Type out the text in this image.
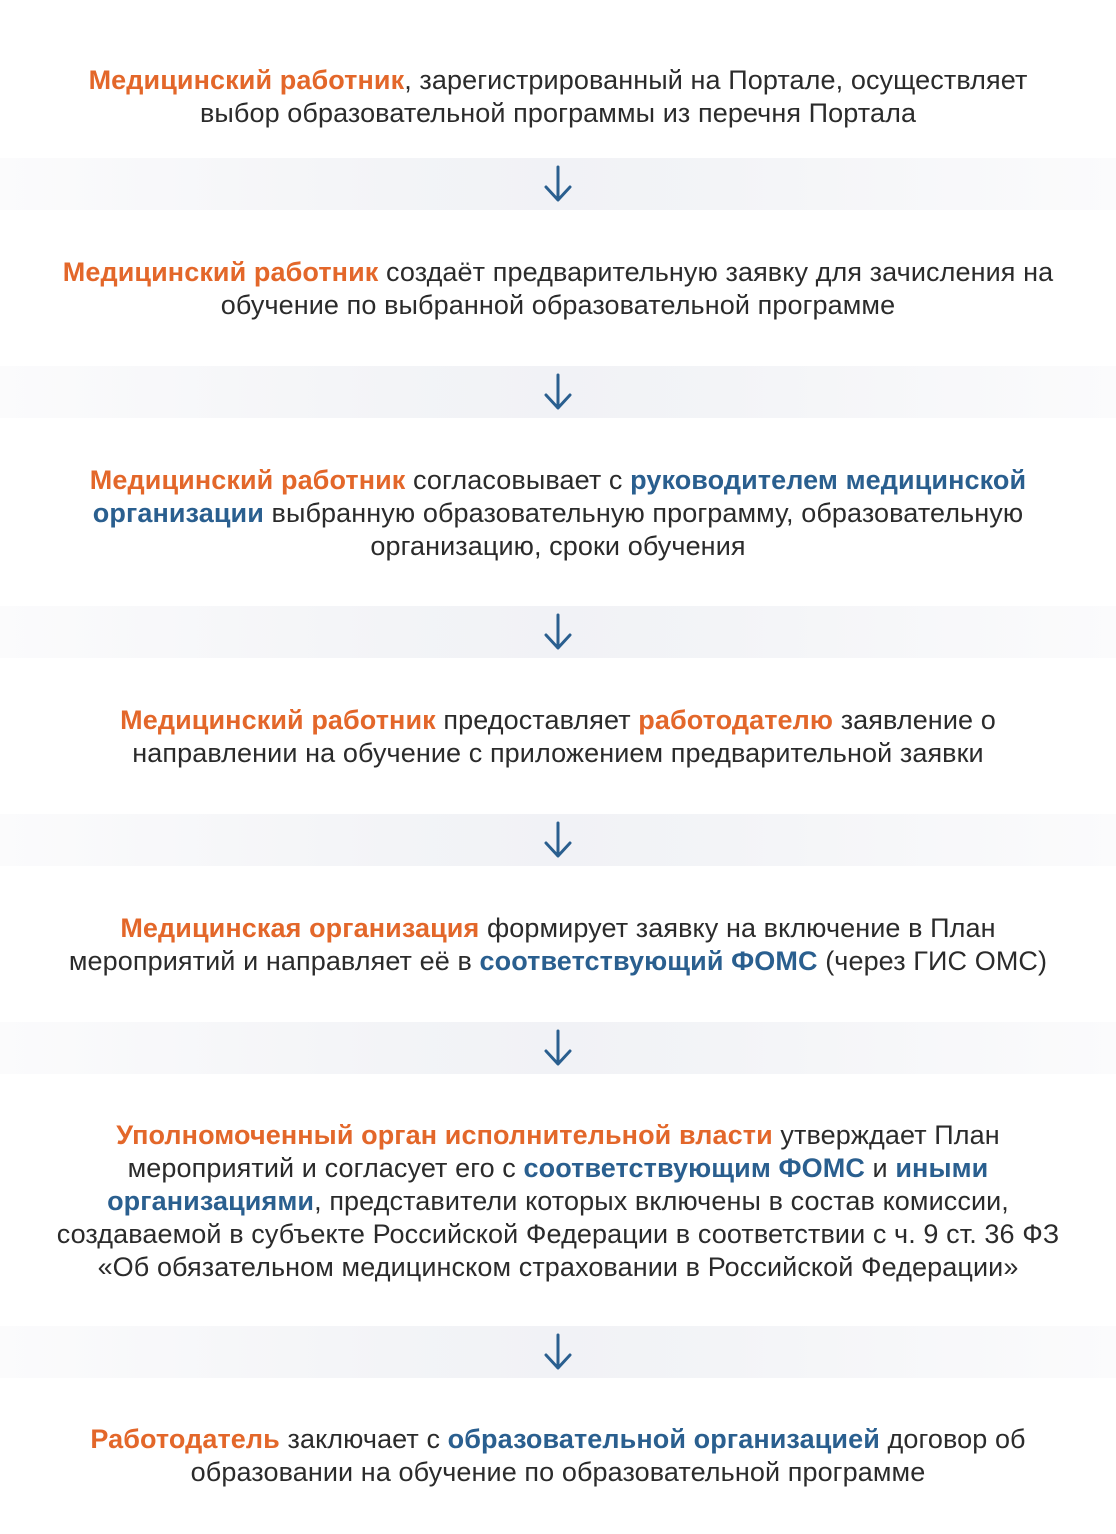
Медицинский работник, зарегистрированный на Портале, осуществляет выбор образовательной программы из перечня Портала

Медицинский работник создаёт предварительную заявку для зачисления на обучение по выбранной образовательной программе

Медицинский работник согласовывает с руководителем медицинской организации выбранную образовательную программу, образовательную организацию, сроки обучения

Медицинский работник предоставляет работодателю заявление о направлении на обучение с приложением предварительной заявки

Медицинская организация формирует заявку на включение в План мероприятий и направляет её в соответствующий ФОМС (через ГИС ОМС)

Уполномоченный орган исполнительной власти утверждает План мероприятий и согласует его с соответствующим ФОМС и иными организациями, представители которых включены в состав комиссии, создаваемой в субъекте Российской Федерации в соответствии с ч. 9 ст. 36 ФЗ «Об обязательном медицинском страховании в Российской Федерации»

Работодатель заключает с образовательной организацией договор об образовании на обучение по образовательной программе
